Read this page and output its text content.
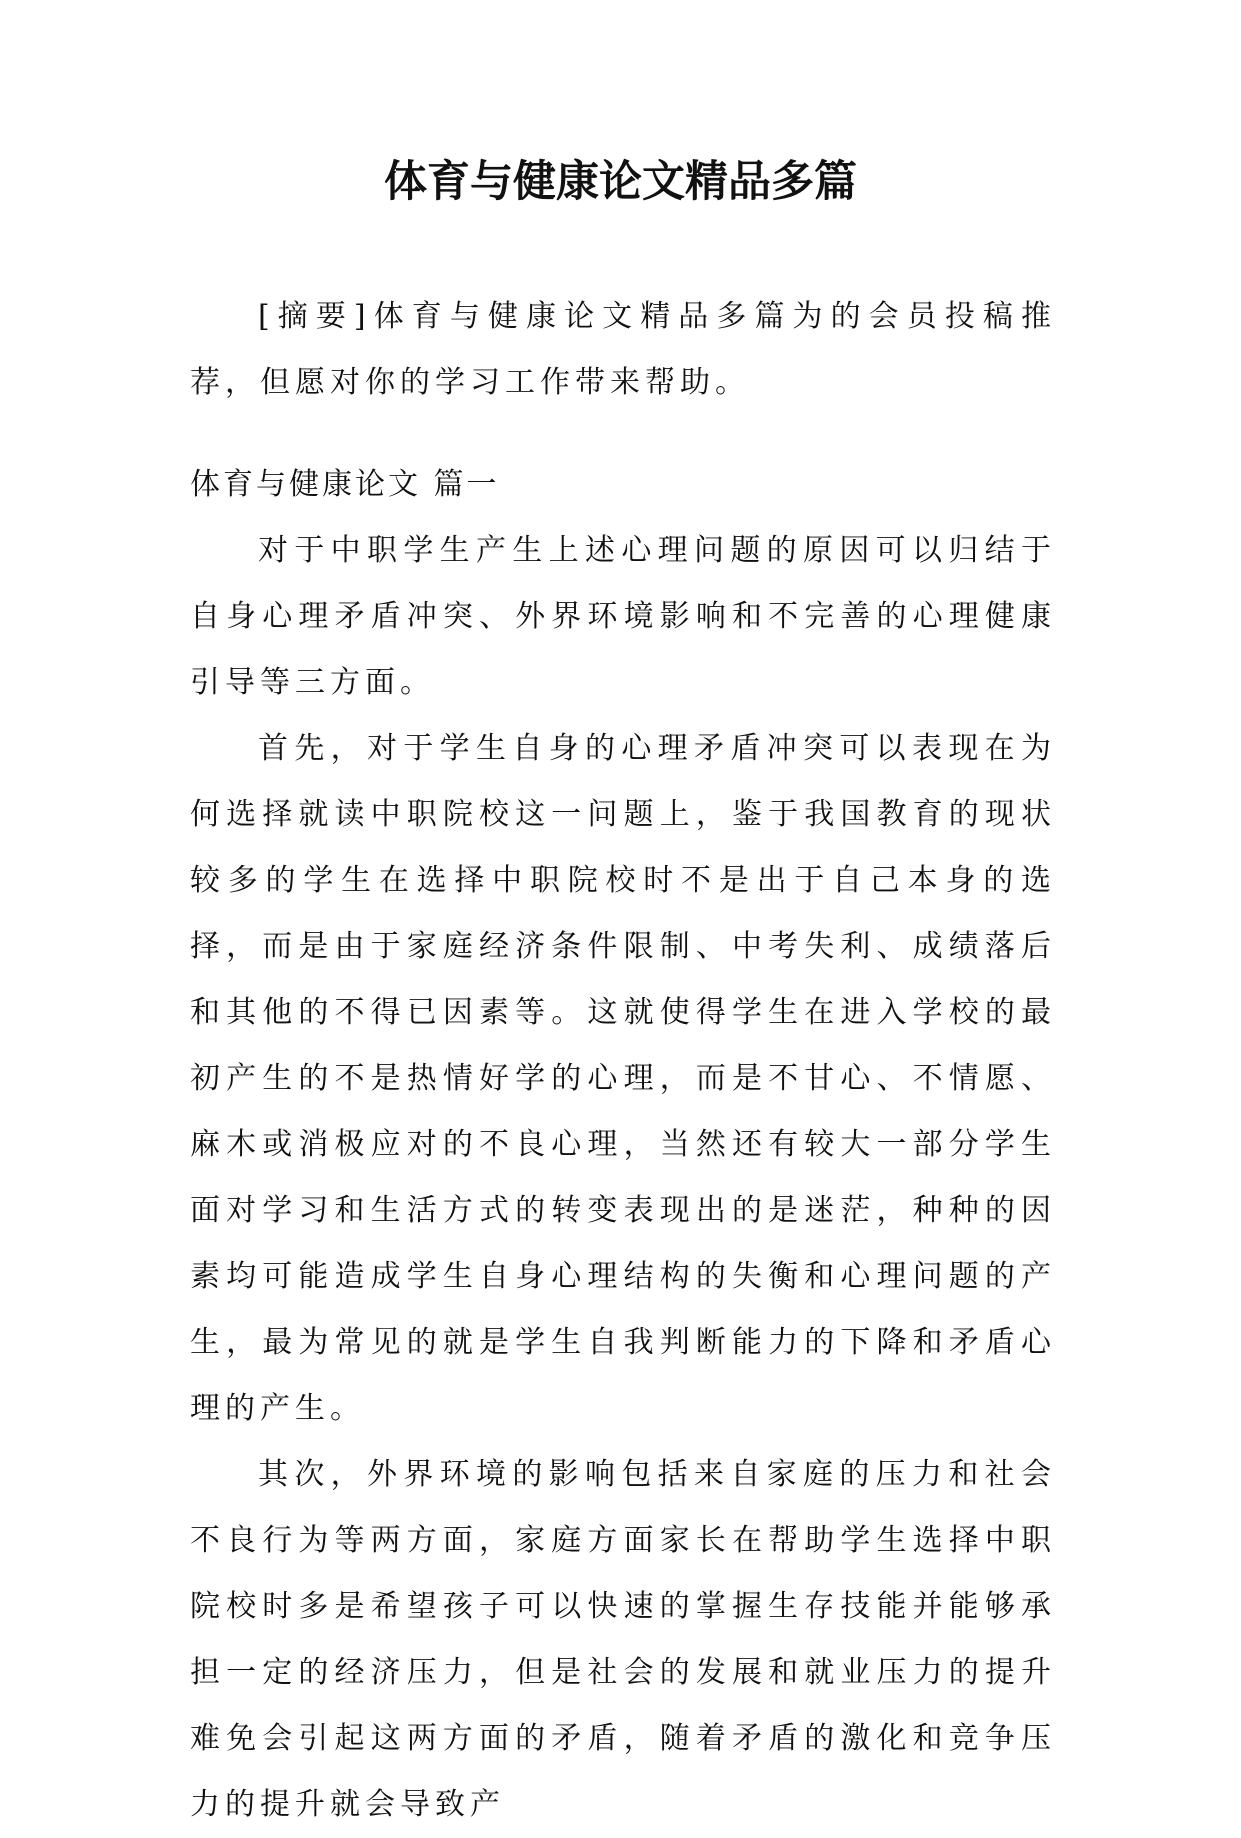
体育与健康论文精品多篇

[摘要]体育与健康论文精品多篇为的会员投稿推荐，但愿对你的学习工作带来帮助。

体育与健康论文 篇一

对于中职学生产生上述心理问题的原因可以归结于自身心理矛盾冲突、外界环境影响和不完善的心理健康引导等三方面。

首先，对于学生自身的心理矛盾冲突可以表现在为何选择就读中职院校这一问题上，鉴于我国教育的现状较多的学生在选择中职院校时不是出于自己本身的选择，而是由于家庭经济条件限制、中考失利、成绩落后和其他的不得已因素等。这就使得学生在进入学校的最初产生的不是热情好学的心理，而是不甘心、不情愿、麻木或消极应对的不良心理，当然还有较大一部分学生面对学习和生活方式的转变表现出的是迷茫，种种的因素均可能造成学生自身心理结构的失衡和心理问题的产生，最为常见的就是学生自我判断能力的下降和矛盾心理的产生。

其次，外界环境的影响包括来自家庭的压力和社会不良行为等两方面，家庭方面家长在帮助学生选择中职院校时多是希望孩子可以快速的掌握生存技能并能够承担一定的经济压力，但是社会的发展和就业压力的提升难免会引起这两方面的矛盾，随着矛盾的激化和竞争压力的提升就会导致产
